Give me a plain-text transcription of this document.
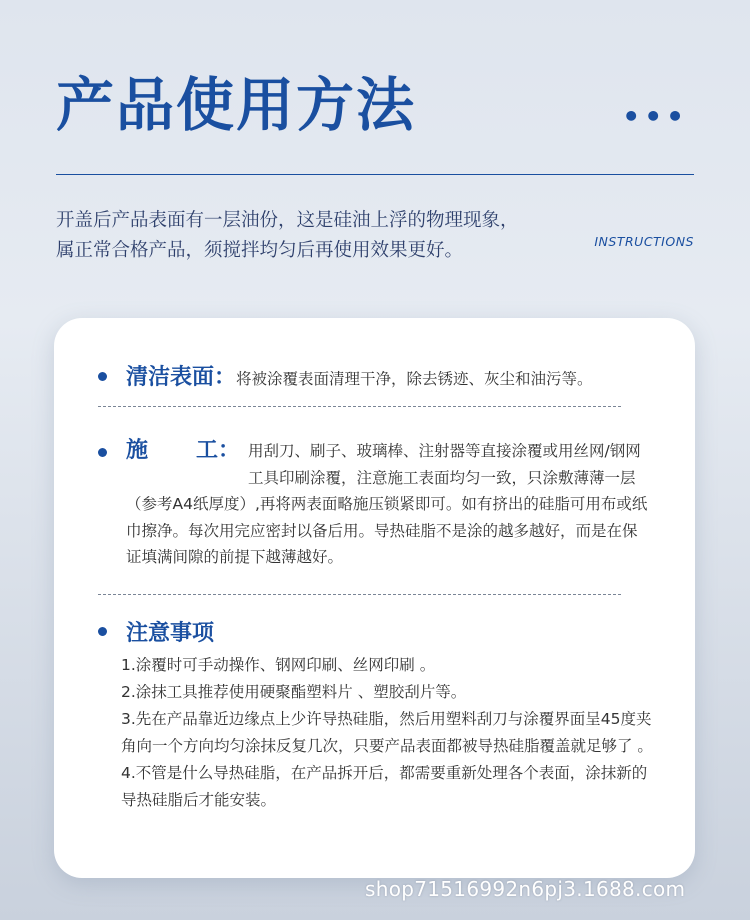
产品使用方法	•••

开盖后产品表面有一层油份，这是硅油上浮的物理现象，

属正常合格产品，须搅拌均匀后再使用效果更好。	INSTRUCTIONS
清洁表面：将被涂覆表面清理干净，除去锈迹、灰尘和油污等。
施 工： 用刮刀、刷子、玻璃棒、注射器等直接涂覆或用丝网/钢网工具印刷涂覆，注意施工表面均匀一致，只涂敷薄薄一层（参考A4纸厚度）,再将两表面略施压锁紧即可。如有挤出的硅脂可用布或纸巾擦净。每次用完应密封以备后用。导热硅脂不是涂的越多越好，而是在保证填满间隙的前提下越薄越好。
注意事项
1.涂覆时可手动操作、钢网印刷、丝网印刷 。
2.涂抹工具推荐使用硬聚酯塑料片 、塑胶刮片等。
3.先在产品靠近边缘点上少许导热硅脂，然后用塑料刮刀与涂覆界面呈45度夹角向一个方向均匀涂抹反复几次，只要产品表面都被导热硅脂覆盖就足够了 。
4.不管是什么导热硅脂，在产品拆开后，都需要重新处理各个表面，涂抹新的导热硅脂后才能安装。
shop71516992n6pj3.1688.com
